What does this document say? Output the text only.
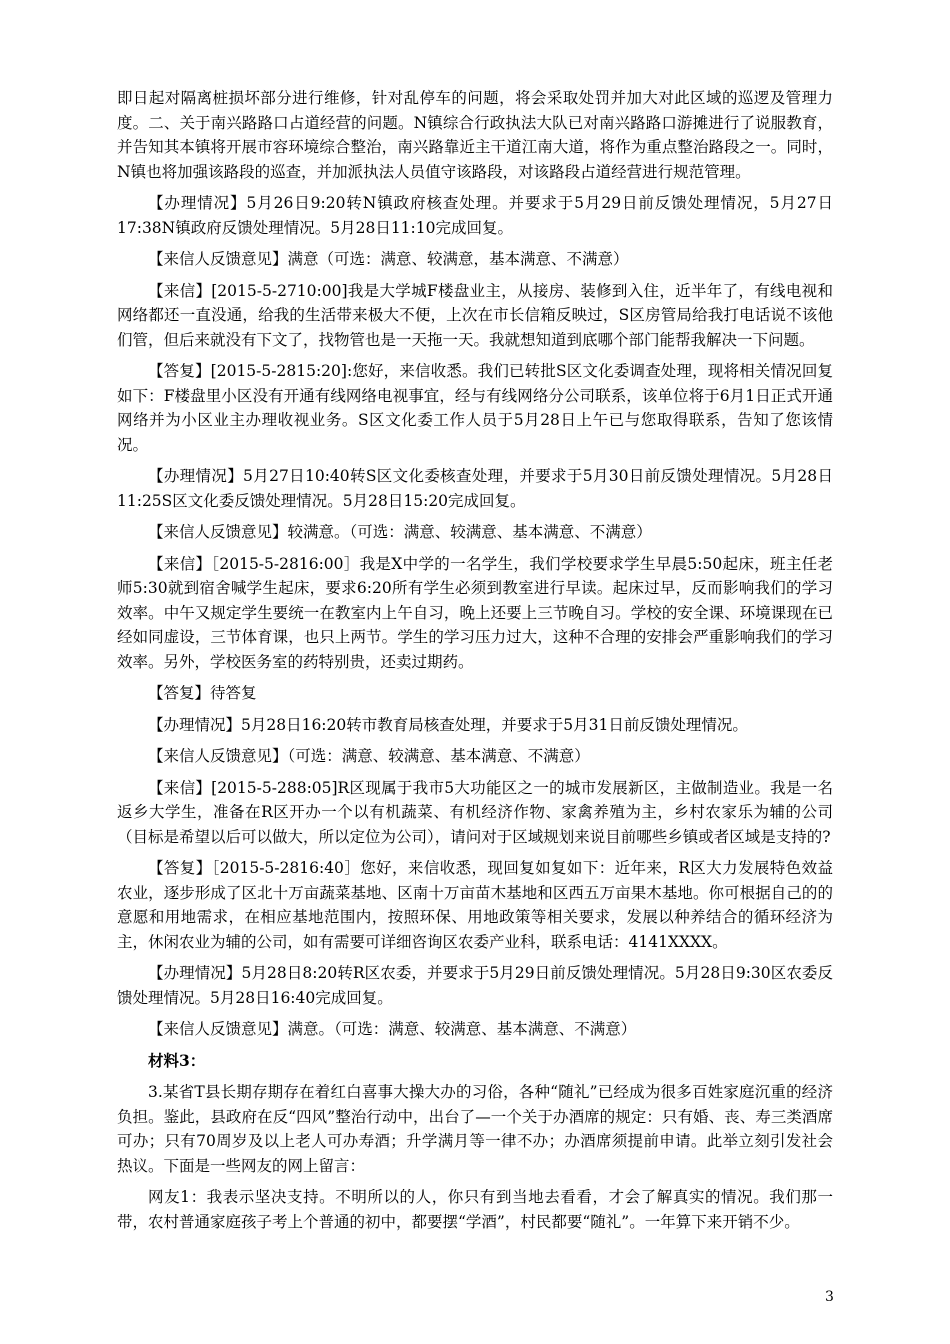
即日起对隔离桩损坏部分进行维修，针对乱停车的问题，将会采取处罚并加大对此区域的巡逻及管理力度。二、关于南兴路路口占道经营的问题。N镇综合行政执法大队已对南兴路路口游摊进行了说服教育，并告知其本镇将开展市容环境综合整治，南兴路靠近主干道江南大道，将作为重点整治路段之一。同时，N镇也将加强该路段的巡查，并加派执法人员值守该路段，对该路段占道经营进行规范管理。

【办理情况】5月26日9:20转N镇政府核查处理。并要求于5月29日前反馈处理情况，5月27日17:38N镇政府反馈处理情况。5月28日11:10完成回复。

【来信人反馈意见】满意（可选：满意、较满意，基本满意、不满意）

【来信】[2015-5-2710:00]我是大学城F楼盘业主，从接房、装修到入住，近半年了，有线电视和网络都还一直没通，给我的生活带来极大不便，上次在市长信箱反映过，S区房管局给我打电话说不该他们管，但后来就没有下文了，找物管也是一天拖一天。我就想知道到底哪个部门能帮我解决一下问题。

【答复】[2015-5-2815:20]:您好，来信收悉。我们已转批S区文化委调查处理，现将相关情况回复如下：F楼盘里小区没有开通有线网络电视事宜，经与有线网络分公司联系，该单位将于6月1日正式开通网络并为小区业主办理收视业务。S区文化委工作人员于5月28日上午已与您取得联系，告知了您该情况。

【办理情况】5月27日10:40转S区文化委核查处理，并要求于5月30日前反馈处理情况。5月28日11:25S区文化委反馈处理情况。5月28日15:20完成回复。

【来信人反馈意见】较满意。（可选：满意、较满意、基本满意、不满意）

【来信】［2015-5-2816:00］我是X中学的一名学生，我们学校要求学生早晨5:50起床，班主任老师5:30就到宿舍喊学生起床，要求6:20所有学生必须到教室进行早读。起床过早，反而影响我们的学习效率。中午又规定学生要统一在教室内上午自习，晚上还要上三节晚自习。学校的安全课、环境课现在已经如同虚设，三节体育课，也只上两节。学生的学习压力过大，这种不合理的安排会严重影响我们的学习效率。另外，学校医务室的药特别贵，还卖过期药。

【答复】待答复

【办理情况】5月28日16:20转市教育局核查处理，并要求于5月31日前反馈处理情况。

【来信人反馈意见】（可选：满意、较满意、基本满意、不满意）

【来信】[2015-5-288:05]R区现属于我市5大功能区之一的城市发展新区，主做制造业。我是一名返乡大学生，准备在R区开办一个以有机蔬菜、有机经济作物、家禽养殖为主，乡村农家乐为辅的公司（目标是希望以后可以做大，所以定位为公司），请问对于区域规划来说目前哪些乡镇或者区域是支持的?

【答复】［2015-5-2816:40］您好，来信收悉，现回复如复如下：近年来，R区大力发展特色效益农业，逐步形成了区北十万亩蔬菜基地、区南十万亩苗木基地和区西五万亩果木基地。你可根据自己的的意愿和用地需求，在相应基地范围内，按照环保、用地政策等相关要求，发展以种养结合的循环经济为主，休闲农业为辅的公司，如有需要可详细咨询区农委产业科，联系电话：4141XXXX。

【办理情况】5月28日8:20转R区农委，并要求于5月29日前反馈处理情况。5月28日9:30区农委反馈处理情况。5月28日16:40完成回复。

【来信人反馈意见】满意。（可选：满意、较满意、基本满意、不满意）

材料3：

3.某省T县长期存期存在着红白喜事大操大办的习俗，各种“随礼”已经成为很多百姓家庭沉重的经济负担。鉴此，县政府在反“四风”整治行动中，出台了—一个关于办酒席的规定：只有婚、丧、寿三类酒席可办；只有70周岁及以上老人可办寿酒；升学满月等一律不办；办酒席须提前申请。此举立刻引发社会热议。下面是一些网友的网上留言：

网友1：我表示坚决支持。不明所以的人，你只有到当地去看看，才会了解真实的情况。我们那一带，农村普通家庭孩子考上个普通的初中，都要摆“学酒”，村民都要“随礼”。一年算下来开销不少。

3
